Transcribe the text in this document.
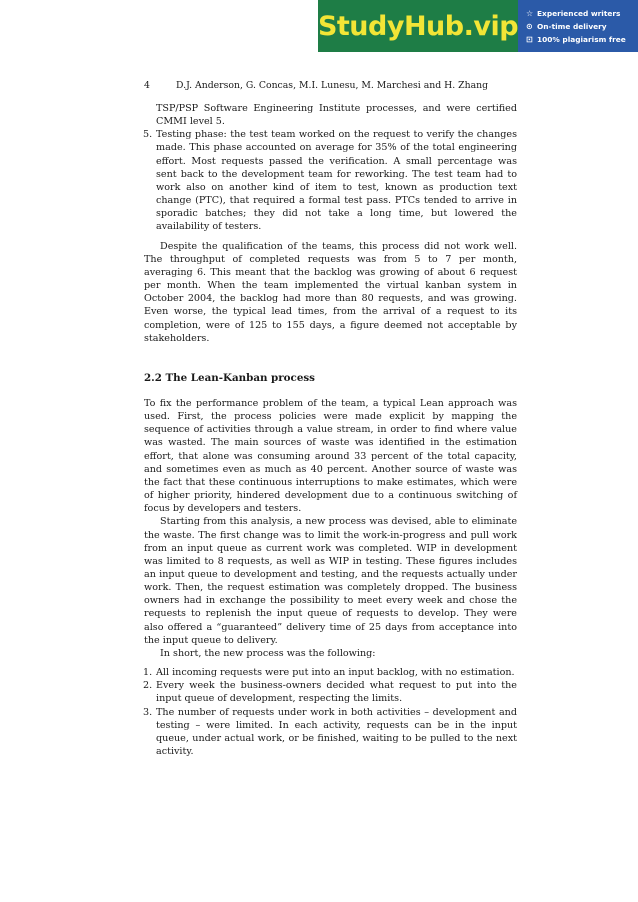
StudyHub.vip ☆ Experienced writers
⊙ On-time delivery
⊡ 100% plagiarism free
4	D.J. Anderson, G. Concas, M.I. Lunesu, M. Marchesi and H. Zhang

TSP/PSP Software Engineering Institute processes, and were certified CMMI level 5.

5. Testing phase: the test team worked on the request to verify the changes made. This phase accounted on average for 35% of the total engineering effort. Most requests passed the verification. A small percentage was sent back to the development team for reworking. The test team had to work also on another kind of item to test, known as production text change (PTC), that required a formal test pass. PTCs tended to arrive in sporadic batches; they did not take a long time, but lowered the availability of testers.

Despite the qualification of the teams, this process did not work well. The throughput of completed requests was from 5 to 7 per month, averaging 6. This meant that the backlog was growing of about 6 request per month. When the team implemented the virtual kanban system in October 2004, the backlog had more than 80 requests, and was growing. Even worse, the typical lead times, from the arrival of a request to its completion, were of 125 to 155 days, a figure deemed not acceptable by stakeholders.

2.2 The Lean-Kanban process

To fix the performance problem of the team, a typical Lean approach was used. First, the process policies were made explicit by mapping the sequence of activities through a value stream, in order to find where value was wasted. The main sources of waste was identified in the estimation effort, that alone was consuming around 33 percent of the total capacity, and sometimes even as much as 40 percent. Another source of waste was the fact that these continuous interruptions to make estimates, which were of higher priority, hindered development due to a continuous switching of focus by developers and testers.

Starting from this analysis, a new process was devised, able to eliminate the waste. The first change was to limit the work-in-progress and pull work from an input queue as current work was completed. WIP in development was limited to 8 requests, as well as WIP in testing. These figures includes an input queue to development and testing, and the requests actually under work. Then, the request estimation was completely dropped. The business owners had in exchange the possibility to meet every week and chose the requests to replenish the input queue of requests to develop. They were also offered a “guaranteed” delivery time of 25 days from acceptance into the input queue to delivery.

In short, the new process was the following:

1. All incoming requests were put into an input backlog, with no estimation.
2. Every week the business-owners decided what request to put into the input queue of development, respecting the limits.
3. The number of requests under work in both activities – development and testing – were limited. In each activity, requests can be in the input queue, under actual work, or be finished, waiting to be pulled to the next activity.
